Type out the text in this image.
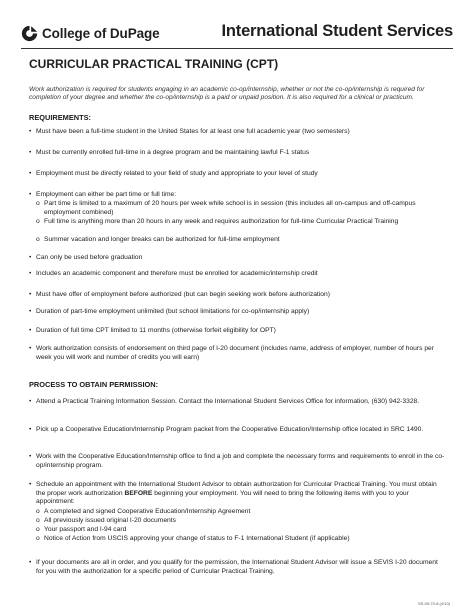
College of DuPage	International Student Services
CURRICULAR PRACTICAL TRAINING (CPT)
Work authorization is required for students engaging in an academic co-op/internship, whether or not the co-op/internship is required for completion of your degree and whether the co-op/internship is a paid or unpaid position. It is also required for a clinical or practicum.
REQUIREMENTS:
• Must have been a full-time student in the United States for at least one full academic year (two semesters)
• Must be currently enrolled full-time in a degree program and be maintaining lawful F-1 status
• Employment must be directly related to your field of study and appropriate to your level of study
• Employment can either be part time or full time:
o Part time is limited to a maximum of 20 hours per week while school is in session (this includes all on-campus and off-campus employment combined)
o Full time is anything more than 20 hours in any week and requires authorization for full-time Curricular Practical Training
o Summer vacation and longer breaks can be authorized for full-time employment
• Can only be used before graduation
• Includes an academic component and therefore must be enrolled for academic/internship credit
• Must have offer of employment before authorized (but can begin seeking work before authorization)
• Duration of part-time employment unlimited (but school limitations for co-op/internship apply)
• Duration of full time CPT limited to 11 months (otherwise forfeit eligibility for OPT)
• Work authorization consists of endorsement on third page of I-20 document (includes name, address of employer, number of hours per week you will work and number of credits you will earn)
PROCESS TO OBTAIN PERMISSION:
• Attend a Practical Training Information Session. Contact the International Student Services Office for information, (630) 942-3328.
• Pick up a Cooperative Education/Internship Program packet from the Cooperative Education/Internship office located in SRC 1490.
• Work with the Cooperative Education/Internship office to find a job and complete the necessary forms and requirements to enroll in the co-op/internship program.
• Schedule an appointment with the International Student Advisor to obtain authorization for Curricular Practical Training. You must obtain the proper work authorization BEFORE beginning your employment. You will need to bring the following items with you to your appointment:
o A completed and signed Cooperative Education/Internship Agreement
o All previously issued original I-20 documents
o Your passport and I-94 card
o Notice of Action from USCIS approving your change of status to F-1 International Student (if applicable)
• If your documents are all in order, and you qualify for the permission, the International Student Advisor will issue a SEVIS I-20 document for you with the authorization for a specific period of Curricular Practical Training.
SS-09-70-8 (4/10)
